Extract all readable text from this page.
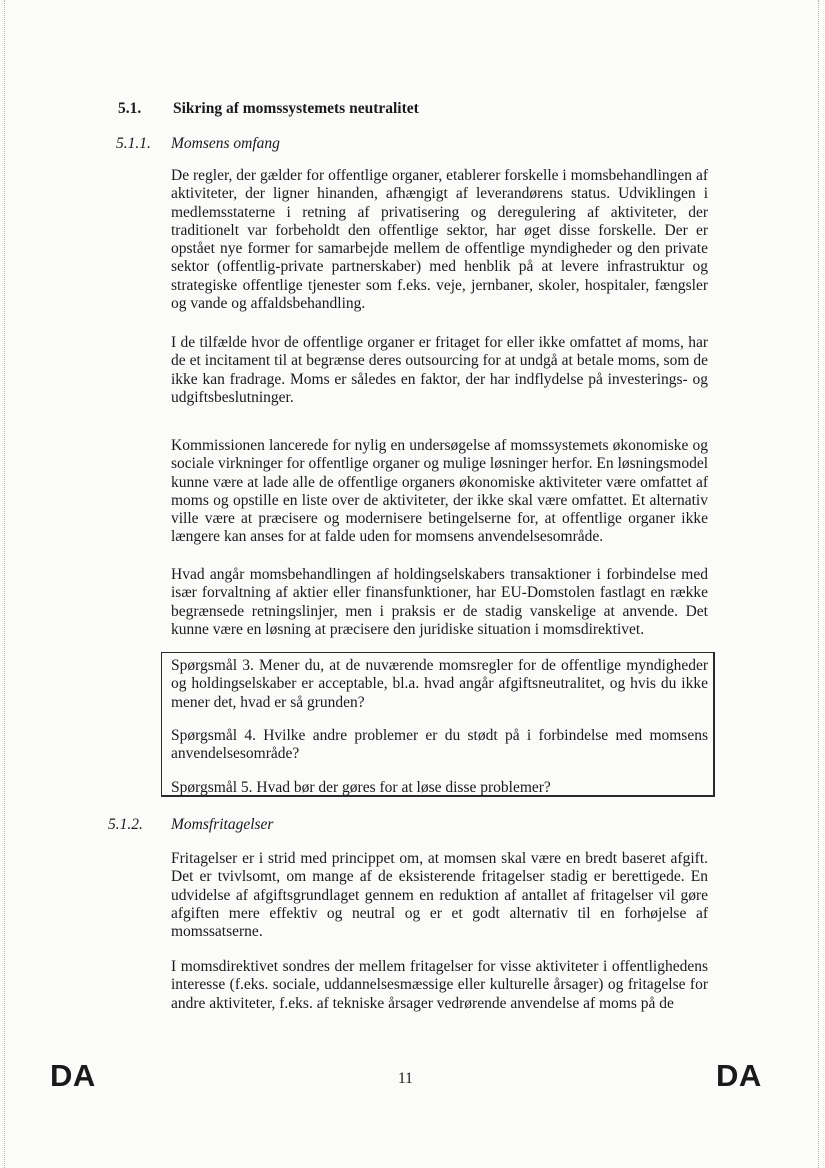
5.1. Sikring af momssystemets neutralitet
5.1.1. Momsens omfang

De regler, der gælder for offentlige organer, etablerer forskelle i momsbehandlingen af aktiviteter, der ligner hinanden, afhængigt af leverandørens status. Udviklingen i medlemsstaterne i retning af privatisering og deregulering af aktiviteter, der traditionelt var forbeholdt den offentlige sektor, har øget disse forskelle. Der er opstået nye former for samarbejde mellem de offentlige myndigheder og den private sektor (offentlig-private partnerskaber) med henblik på at levere infrastruktur og strategiske offentlige tjenester som f.eks. veje, jernbaner, skoler, hospitaler, fængsler og vande og affaldsbehandling.

I de tilfælde hvor de offentlige organer er fritaget for eller ikke omfattet af moms, har de et incitament til at begrænse deres outsourcing for at undgå at betale moms, som de ikke kan fradrage. Moms er således en faktor, der har indflydelse på investerings- og udgiftsbeslutninger.

Kommissionen lancerede for nylig en undersøgelse af momssystemets økonomiske og sociale virkninger for offentlige organer og mulige løsninger herfor. En løsningsmodel kunne være at lade alle de offentlige organers økonomiske aktiviteter være omfattet af moms og opstille en liste over de aktiviteter, der ikke skal være omfattet. Et alternativ ville være at præcisere og modernisere betingelserne for, at offentlige organer ikke længere kan anses for at falde uden for momsens anvendelsesområde.

Hvad angår momsbehandlingen af holdingselskabers transaktioner i forbindelse med især forvaltning af aktier eller finansfunktioner, har EU-Domstolen fastlagt en række begrænsede retningslinjer, men i praksis er de stadig vanskelige at anvende. Det kunne være en løsning at præcisere den juridiske situation i momsdirektivet.

Spørgsmål 3. Mener du, at de nuværende momsregler for de offentlige myndigheder og holdingselskaber er acceptable, bl.a. hvad angår afgiftsneutralitet, og hvis du ikke mener det, hvad er så grunden?

Spørgsmål 4. Hvilke andre problemer er du stødt på i forbindelse med momsens anvendelsesområde?

Spørgsmål 5. Hvad bør der gøres for at løse disse problemer?

5.1.2. Momsfritagelser

Fritagelser er i strid med princippet om, at momsen skal være en bredt baseret afgift. Det er tvivlsomt, om mange af de eksisterende fritagelser stadig er berettigede. En udvidelse af afgiftsgrundlaget gennem en reduktion af antallet af fritagelser vil gøre afgiften mere effektiv og neutral og er et godt alternativ til en forhøjelse af momssatserne.

I momsdirektivet sondres der mellem fritagelser for visse aktiviteter i offentlighedens interesse (f.eks. sociale, uddannelsesmæssige eller kulturelle årsager) og fritagelse for andre aktiviteter, f.eks. af tekniske årsager vedrørende anvendelse af moms på de

DA	11	DA
